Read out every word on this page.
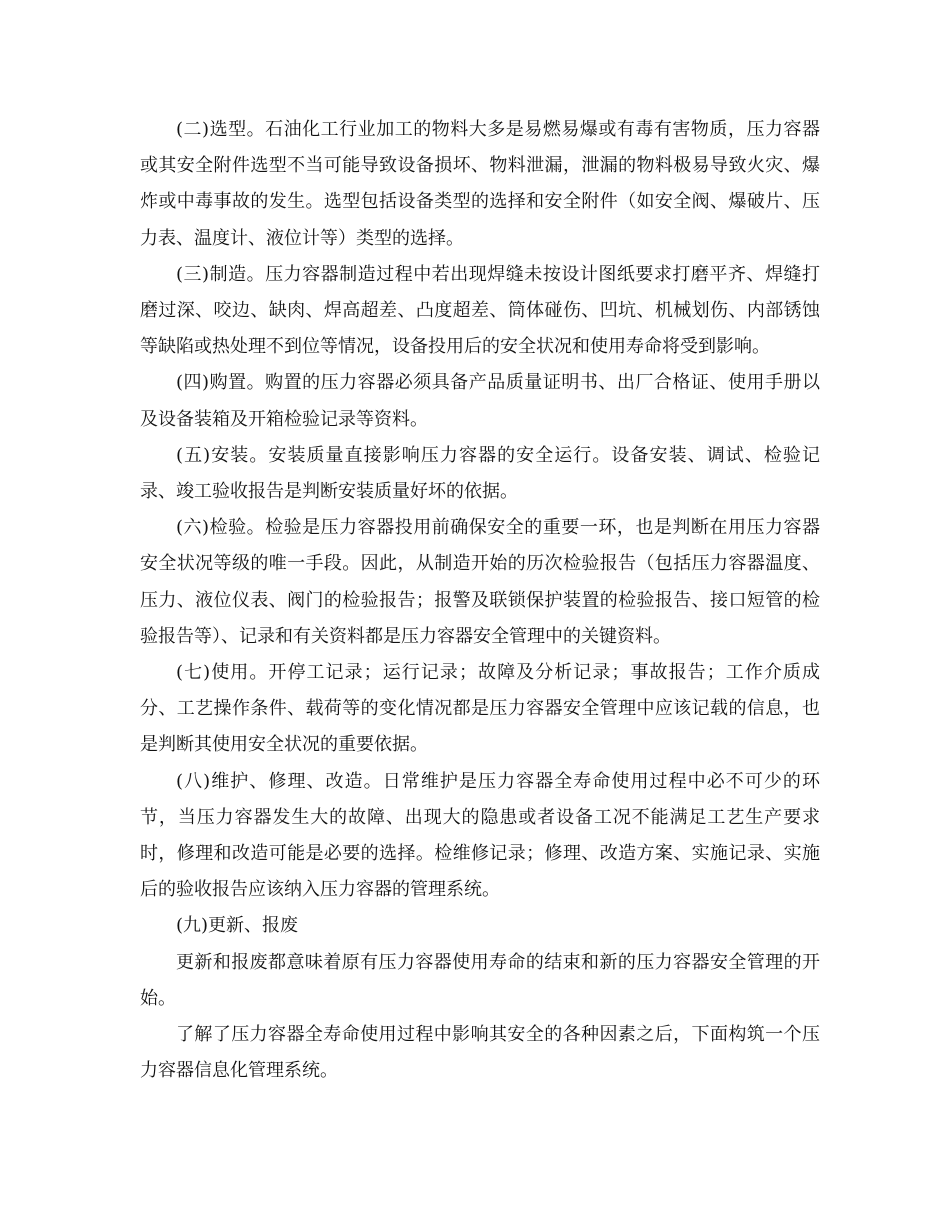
(二)选型。石油化工行业加工的物料大多是易燃易爆或有毒有害物质，压力容器或其安全附件选型不当可能导致设备损坏、物料泄漏，泄漏的物料极易导致火灾、爆炸或中毒事故的发生。选型包括设备类型的选择和安全附件（如安全阀、爆破片、压力表、温度计、液位计等）类型的选择。

(三)制造。压力容器制造过程中若出现焊缝未按设计图纸要求打磨平齐、焊缝打磨过深、咬边、缺肉、焊高超差、凸度超差、筒体碰伤、凹坑、机械划伤、内部锈蚀等缺陷或热处理不到位等情况，设备投用后的安全状况和使用寿命将受到影响。

(四)购置。购置的压力容器必须具备产品质量证明书、出厂合格证、使用手册以及设备装箱及开箱检验记录等资料。

(五)安装。安装质量直接影响压力容器的安全运行。设备安装、调试、检验记录、竣工验收报告是判断安装质量好坏的依据。

(六)检验。检验是压力容器投用前确保安全的重要一环，也是判断在用压力容器安全状况等级的唯一手段。因此，从制造开始的历次检验报告（包括压力容器温度、压力、液位仪表、阀门的检验报告；报警及联锁保护装置的检验报告、接口短管的检验报告等）、记录和有关资料都是压力容器安全管理中的关键资料。

(七)使用。开停工记录；运行记录；故障及分析记录；事故报告；工作介质成分、工艺操作条件、载荷等的变化情况都是压力容器安全管理中应该记载的信息，也是判断其使用安全状况的重要依据。

(八)维护、修理、改造。日常维护是压力容器全寿命使用过程中必不可少的环节，当压力容器发生大的故障、出现大的隐患或者设备工况不能满足工艺生产要求时，修理和改造可能是必要的选择。检维修记录；修理、改造方案、实施记录、实施后的验收报告应该纳入压力容器的管理系统。

(九)更新、报废

更新和报废都意味着原有压力容器使用寿命的结束和新的压力容器安全管理的开始。

了解了压力容器全寿命使用过程中影响其安全的各种因素之后，下面构筑一个压力容器信息化管理系统。
